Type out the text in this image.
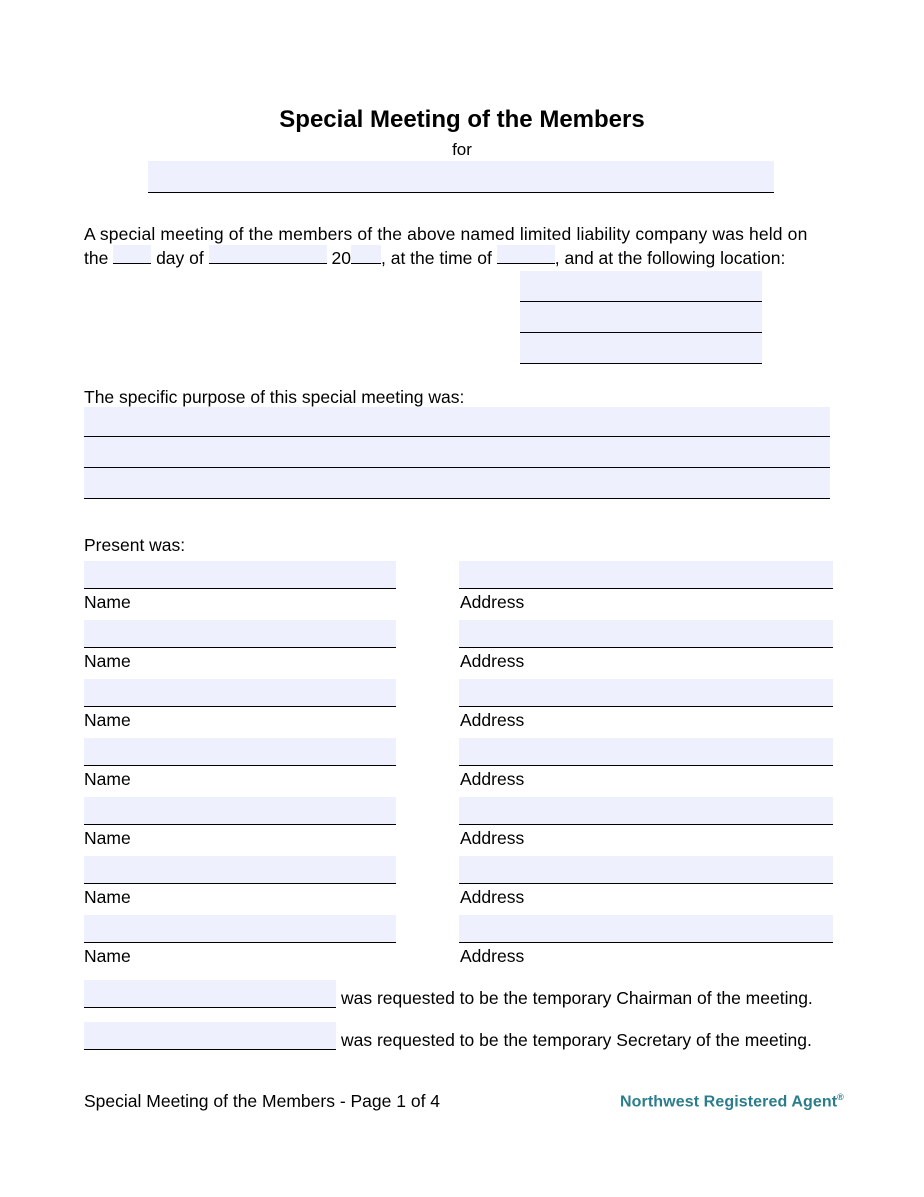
Special Meeting of the Members
for
A special meeting of the members of the above named limited liability company was held on
the	day of	20 , at the time of	, and at the following location:
The specific purpose of this special meeting was:
Present was:
Name	Address
Name	Address
Name	Address
Name	Address
Name	Address
Name	Address
Name	Address
was requested to be the temporary Chairman of the meeting.
was requested to be the temporary Secretary of the meeting.
Special Meeting of the Members - Page 1 of 4	Northwest Registered Agent®
